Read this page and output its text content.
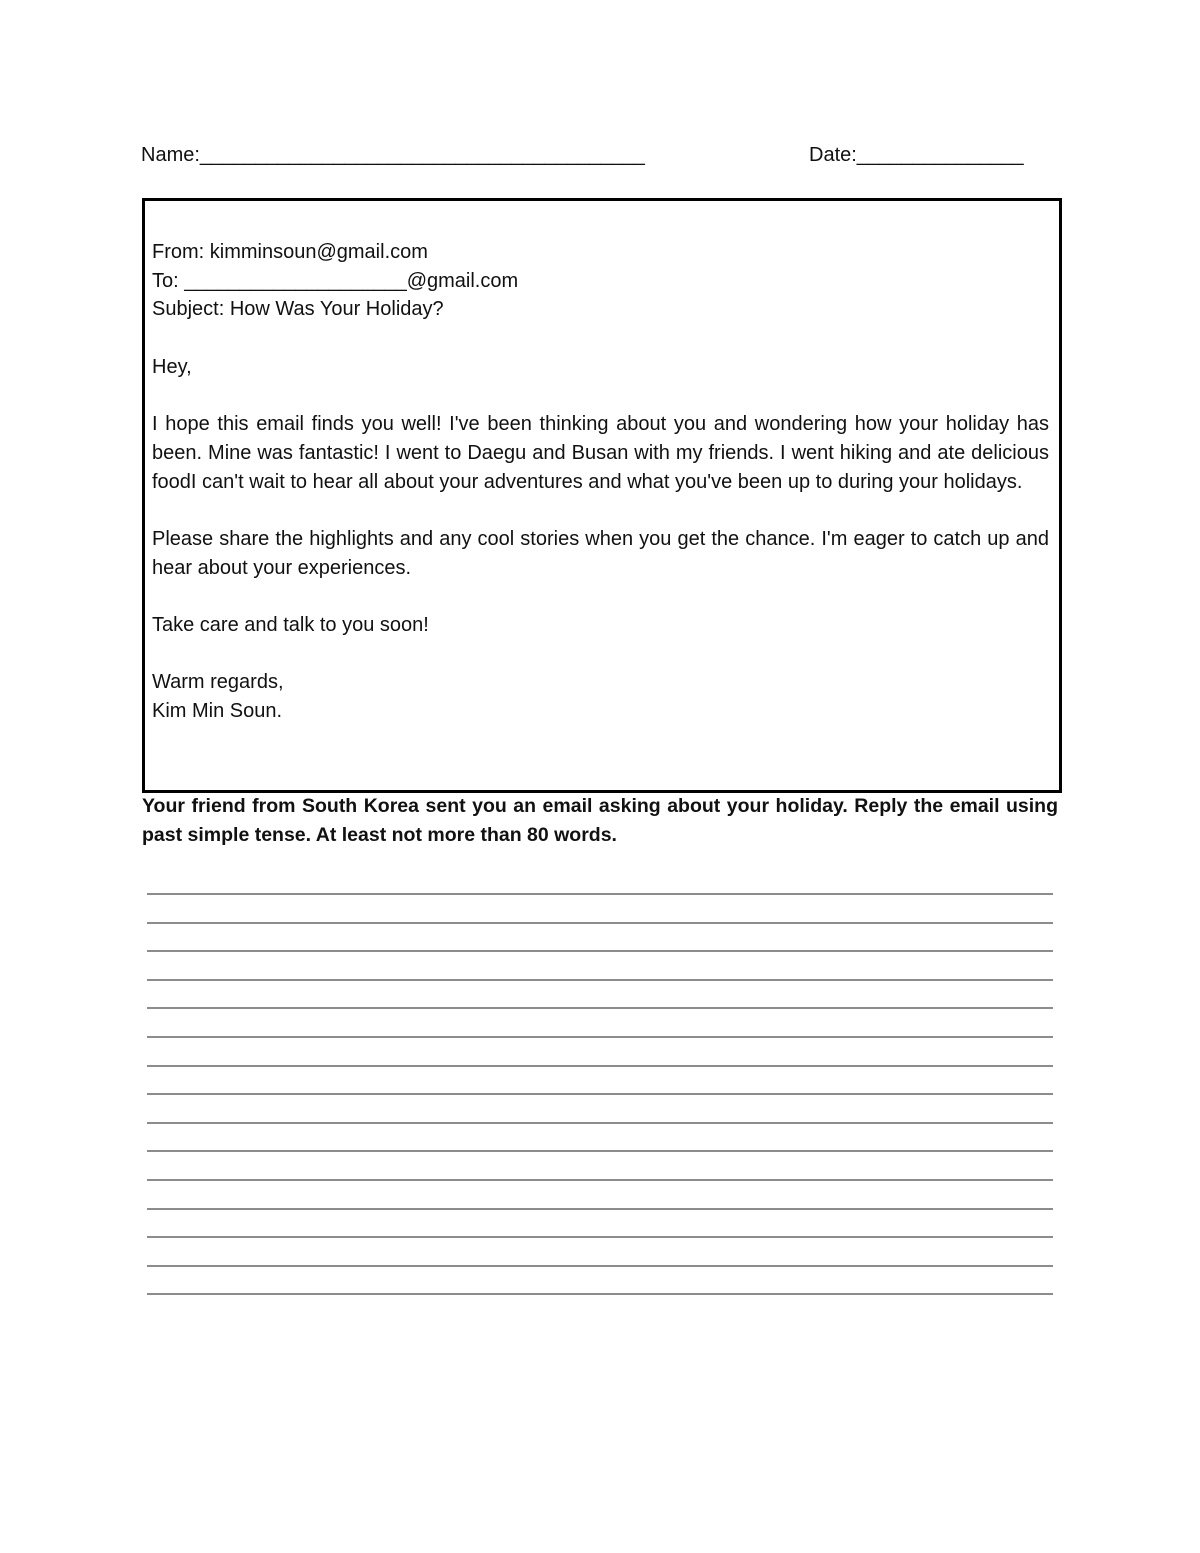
Name:________________________________________	Date:_______________

From: kimminsoun@gmail.com

To: ____________________@gmail.com

Subject: How Was Your Holiday?

Hey,

I hope this email finds you well! I've been thinking about you and wondering how your holiday has been. Mine was fantastic! I went to Daegu and Busan with my friends. I went hiking and ate delicious foodI can't wait to hear all about your adventures and what you've been up to during your holidays.

Please share the highlights and any cool stories when you get the chance. I'm eager to catch up and hear about your experiences.

Take care and talk to you soon!

Warm regards,

Kim Min Soun.

Your friend from South Korea sent you an email asking about your holiday. Reply the email using past simple tense. At least not more than 80 words.
